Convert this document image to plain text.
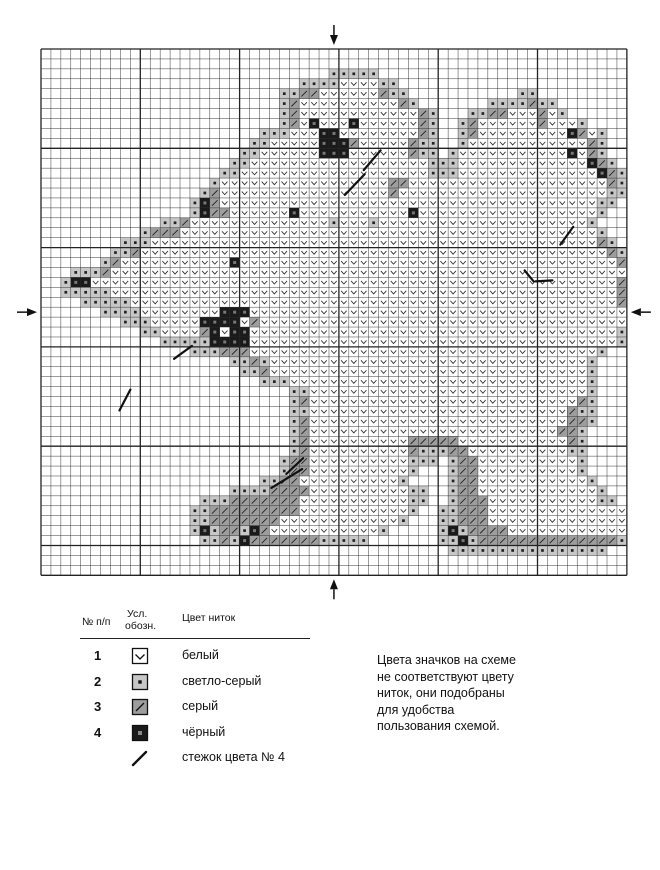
№ п/п
Усл.
обозн.
Цвет ниток
1	белый
2	светло-серый
3	серый
4	чёрный
стежок цвета № 4
Цвета значков на схеме
не соответствуют цвету
ниток, они подобраны
для удобства
пользования схемой.
